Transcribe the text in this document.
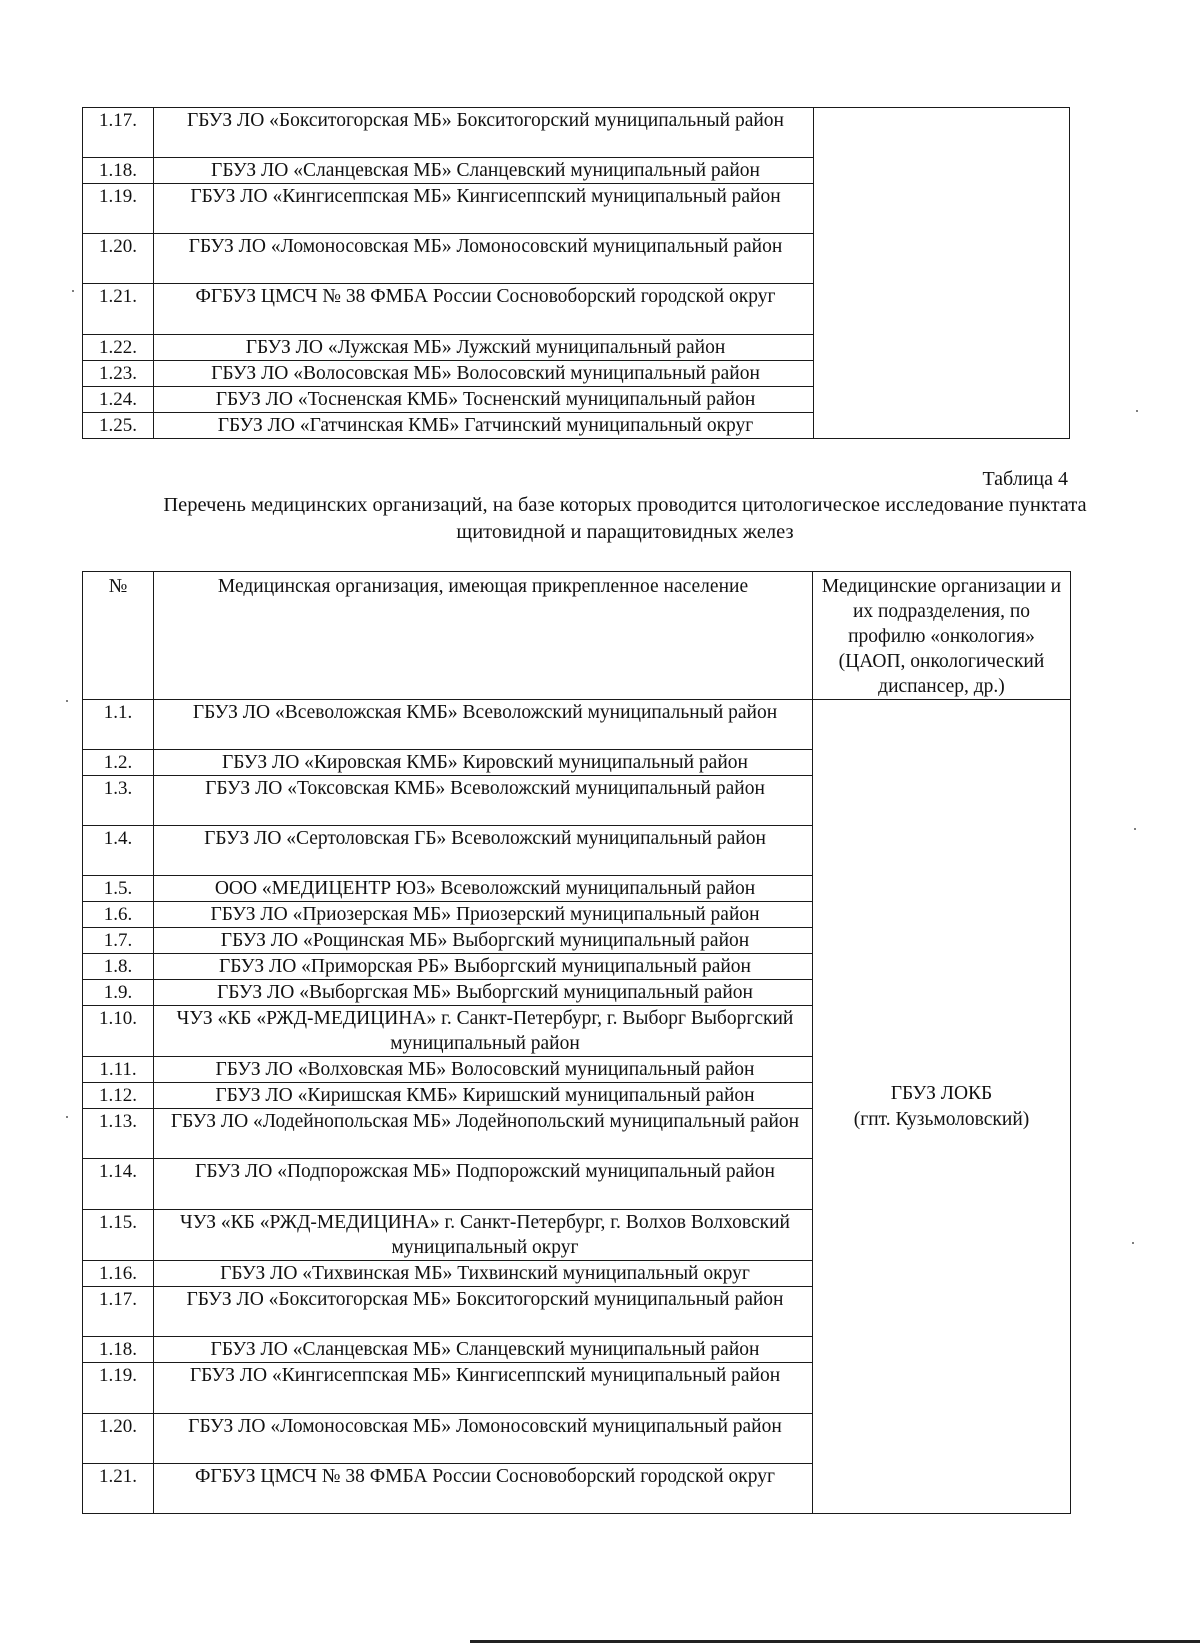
1.17.	ГБУЗ ЛО «Бокситогорская МБ» Бокситогорский муниципальный район	
1.18.	ГБУЗ ЛО «Сланцевская МБ» Сланцевский муниципальный район	
1.19.	ГБУЗ ЛО «Кингисеппская МБ» Кингисеппский муниципальный район	
1.20.	ГБУЗ ЛО «Ломоносовская МБ» Ломоносовский муниципальный район	
1.21.	ФГБУЗ ЦМСЧ № 38 ФМБА России Сосновоборский городской округ	
1.22.	ГБУЗ ЛО «Лужская МБ» Лужский муниципальный район	
1.23.	ГБУЗ ЛО «Волосовская МБ» Волосовский муниципальный район	
1.24.	ГБУЗ ЛО «Тосненская КМБ» Тосненский муниципальный район	
1.25.	ГБУЗ ЛО «Гатчинская КМБ» Гатчинский муниципальный округ	
Таблица 4
Перечень медицинских организаций, на базе которых проводится цитологическое исследование пунктата щитовидной и паращитовидных желез
№	Медицинская организация, имеющая прикрепленное население	Медицинские организации и их подразделения, по профилю «онкология» (ЦАОП, онкологический диспансер, др.)
1.1.	ГБУЗ ЛО «Всеволожская КМБ» Всеволожский муниципальный район	ГБУЗ ЛОКБ
(гпт. Кузьмоловский)

1.2.	ГБУЗ ЛО «Кировская КМБ» Кировский муниципальный район	
1.3.	ГБУЗ ЛО «Токсовская КМБ» Всеволожский муниципальный район	
1.4.	ГБУЗ ЛО «Сертоловская ГБ» Всеволожский муниципальный район	
1.5.	ООО «МЕДИЦЕНТР ЮЗ» Всеволожский муниципальный район	
1.6.	ГБУЗ ЛО «Приозерская МБ» Приозерский муниципальный район	
1.7.	ГБУЗ ЛО «Рощинская МБ» Выборгский муниципальный район	
1.8.	ГБУЗ ЛО «Приморская РБ» Выборгский муниципальный район	
1.9.	ГБУЗ ЛО «Выборгская МБ» Выборгский муниципальный район	
1.10.	ЧУЗ «КБ «РЖД-МЕДИЦИНА» г. Санкт-Петербург, г. Выборг Выборгский муниципальный район	
1.11.	ГБУЗ ЛО «Волховская МБ» Волосовский муниципальный район	
1.12.	ГБУЗ ЛО «Киришская КМБ» Киришский муниципальный район	
1.13.	ГБУЗ ЛО «Лодейнопольская МБ» Лодейнопольский муниципальный район	
1.14.	ГБУЗ ЛО «Подпорожская МБ» Подпорожский муниципальный район	
1.15.	ЧУЗ «КБ «РЖД-МЕДИЦИНА» г. Санкт-Петербург, г. Волхов Волховский муниципальный округ	
1.16.	ГБУЗ ЛО «Тихвинская МБ» Тихвинский муниципальный округ	
1.17.	ГБУЗ ЛО «Бокситогорская МБ» Бокситогорский муниципальный район	
1.18.	ГБУЗ ЛО «Сланцевская МБ» Сланцевский муниципальный район	
1.19.	ГБУЗ ЛО «Кингисеппская МБ» Кингисеппский муниципальный район	
1.20.	ГБУЗ ЛО «Ломоносовская МБ» Ломоносовский муниципальный район	
1.21.	ФГБУЗ ЦМСЧ № 38 ФМБА России Сосновоборский городской округ	
